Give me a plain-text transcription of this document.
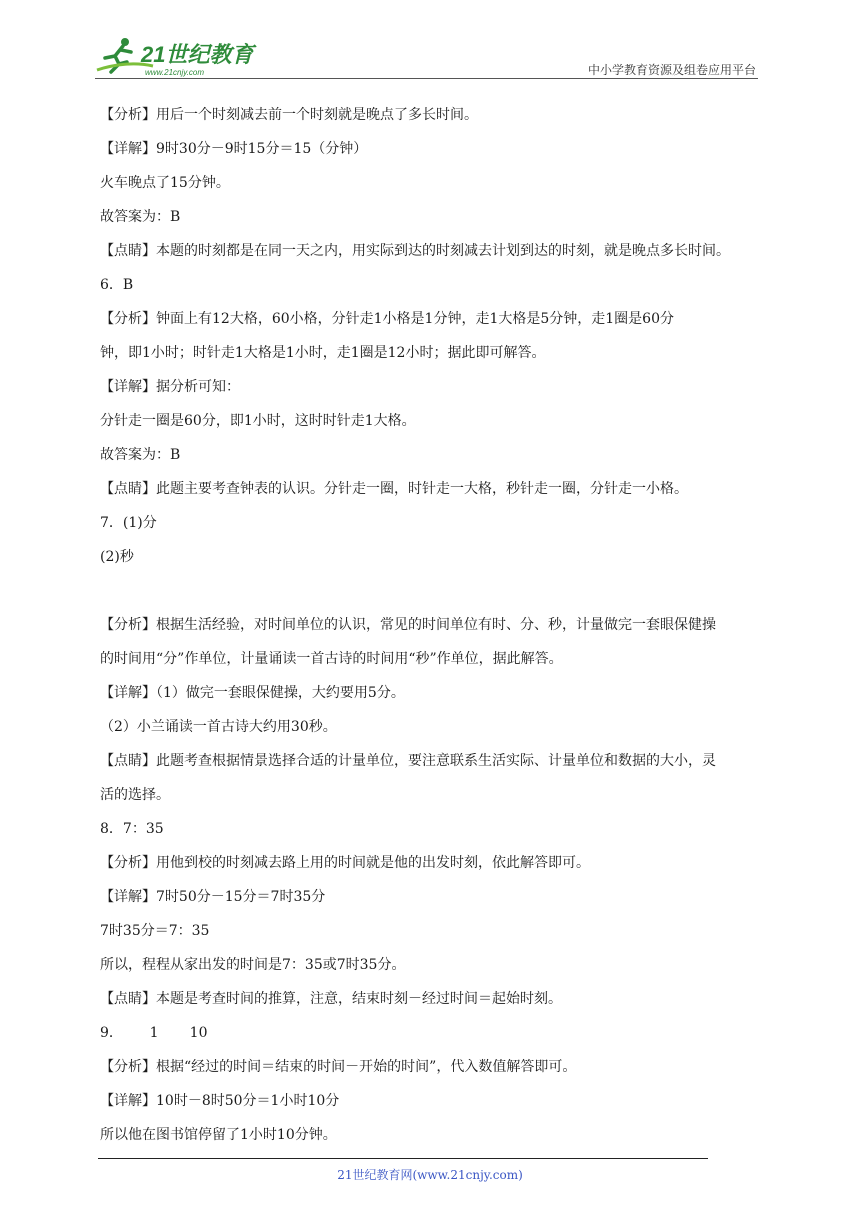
21世纪教育
www.21cnjy.com	中小学教育资源及组卷应用平台
【分析】用后一个时刻减去前一个时刻就是晚点了多长时间。
【详解】9时30分－9时15分＝15（分钟）
火车晚点了15分钟。
故答案为：B
【点睛】本题的时刻都是在同一天之内，用实际到达的时刻减去计划到达的时刻，就是晚点多长时间。
6．B
【分析】钟面上有12大格，60小格，分针走1小格是1分钟，走1大格是5分钟，走1圈是60分
钟，即1小时；时针走1大格是1小时，走1圈是12小时；据此即可解答。
【详解】据分析可知：
分针走一圈是60分，即1小时，这时时针走1大格。
故答案为：B
【点睛】此题主要考查钟表的认识。分针走一圈，时针走一大格，秒针走一圈，分针走一小格。
7．(1)分
(2)秒
【分析】根据生活经验，对时间单位的认识，常见的时间单位有时、分、秒，计量做完一套眼保健操
的时间用“分”作单位，计量诵读一首古诗的时间用“秒”作单位，据此解答。
【详解】（1）做完一套眼保健操，大约要用5分。
（2）小兰诵读一首古诗大约用30秒。
【点睛】此题考查根据情景选择合适的计量单位，要注意联系生活实际、计量单位和数据的大小，灵
活的选择。
8．7：35
【分析】用他到校的时刻减去路上用的时间就是他的出发时刻，依此解答即可。
【详解】7时50分－15分＝7时35分
7时35分＝7：35
所以，程程从家出发的时间是7：35或7时35分。
【点睛】本题是考查时间的推算，注意，结束时刻－经过时间＝起始时刻。
9．      1       10
【分析】根据“经过的时间＝结束的时间－开始的时间”，代入数值解答即可。
【详解】10时－8时50分＝1小时10分
所以他在图书馆停留了1小时10分钟。
21世纪教育网(www.21cnjy.com)
